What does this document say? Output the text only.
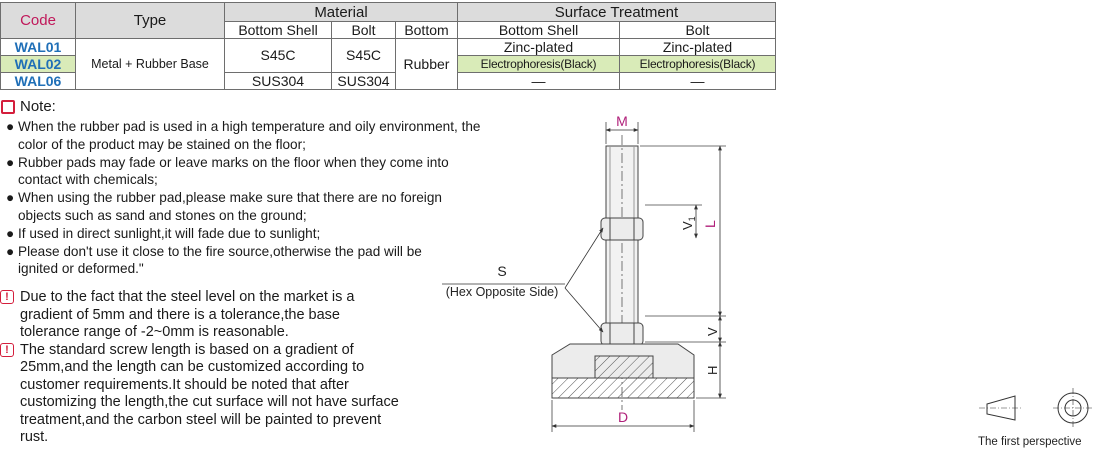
Code	Type	Material			Surface Treatment	
		Bottom Shell	Bolt	Bottom	Bottom Shell	Bolt
WAL01	Metal + Rubber Base	S45C	S45C	Rubber	Zinc-plated	Zinc-plated
WAL02					Electrophoresis(Black)	Electrophoresis(Black)
WAL06		SUS304	SUS304		—	—
Note:
● When the rubber pad is used in a high temperature and oily environment, the color of the product may be stained on the floor;
● Rubber pads may fade or leave marks on the floor when they come into contact with chemicals;
● When using the rubber pad,please make sure that there are no foreign objects such as sand and stones on the ground;
● If used in direct sunlight,it will fade due to sunlight;
● Please don't use it close to the fire source,otherwise the pad will be ignited or deformed."
! Due to the fact that the steel level on the market is a gradient of 5mm and there is a tolerance,the base tolerance range of -2~0mm is reasonable.
! The standard screw length is based on a gradient of 25mm,and the length can be customized according to customer requirements.It should be noted that after customizing the length,the cut surface will not have surface treatment,and the carbon steel will be painted to prevent rust.
M
L
$V_1$
V
H
D
S
(Hex Opposite Side)
The first perspective
